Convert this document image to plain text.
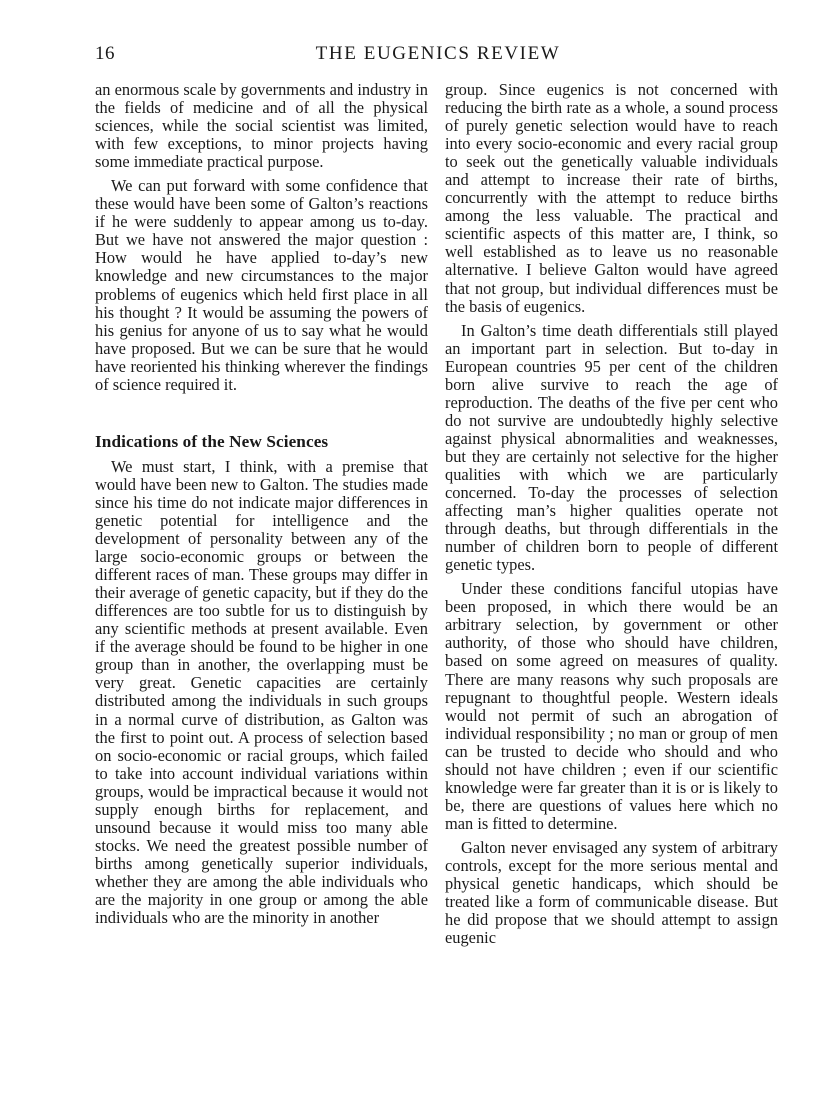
16	THE EUGENICS REVIEW

an enormous scale by governments and industry in the fields of medicine and of all the physical sciences, while the social scientist was limited, with few exceptions, to minor projects having some immediate practical purpose.

We can put forward with some confidence that these would have been some of Galton’s reactions if he were suddenly to appear among us to-day. But we have not answered the major question : How would he have applied to-day’s new knowledge and new circumstances to the major problems of eugenics which held first place in all his thought ? It would be assuming the powers of his genius for anyone of us to say what he would have proposed. But we can be sure that he would have reoriented his thinking wherever the findings of science required it.

Indications of the New Sciences

We must start, I think, with a premise that would have been new to Galton. The studies made since his time do not indicate major differences in genetic potential for intelligence and the development of personality between any of the large socio-economic groups or between the different races of man. These groups may differ in their average of genetic capacity, but if they do the differences are too subtle for us to distinguish by any scientific methods at present available. Even if the average should be found to be higher in one group than in another, the overlapping must be very great. Genetic capacities are certainly distributed among the individuals in such groups in a normal curve of distribution, as Galton was the first to point out. A process of selection based on socio-economic or racial groups, which failed to take into account individual variations within groups, would be impractical because it would not supply enough births for replacement, and unsound because it would miss too many able stocks. We need the greatest possible number of births among genetically superior individuals, whether they are among the able individuals who are the majority in one group or among the able individuals who are the minority in another

group. Since eugenics is not concerned with reducing the birth rate as a whole, a sound process of purely genetic selection would have to reach into every socio-economic and every racial group to seek out the genetically valuable individuals and attempt to increase their rate of births, concurrently with the attempt to reduce births among the less valuable. The practical and scientific aspects of this matter are, I think, so well established as to leave us no reasonable alternative. I believe Galton would have agreed that not group, but individual differences must be the basis of eugenics.

In Galton’s time death differentials still played an important part in selection. But to-day in European countries 95 per cent of the children born alive survive to reach the age of reproduction. The deaths of the five per cent who do not survive are undoubtedly highly selective against physical abnormalities and weaknesses, but they are certainly not selective for the higher qualities with which we are particularly concerned. To-day the processes of selection affecting man’s higher qualities operate not through deaths, but through differentials in the number of children born to people of different genetic types.

Under these conditions fanciful utopias have been proposed, in which there would be an arbitrary selection, by government or other authority, of those who should have children, based on some agreed on measures of quality. There are many reasons why such proposals are repugnant to thoughtful people. Western ideals would not permit of such an abrogation of individual responsibility ; no man or group of men can be trusted to decide who should and who should not have children ; even if our scientific knowledge were far greater than it is or is likely to be, there are questions of values here which no man is fitted to determine.

Galton never envisaged any system of arbitrary controls, except for the more serious mental and physical genetic handicaps, which should be treated like a form of communicable disease. But he did propose that we should attempt to assign eugenic
